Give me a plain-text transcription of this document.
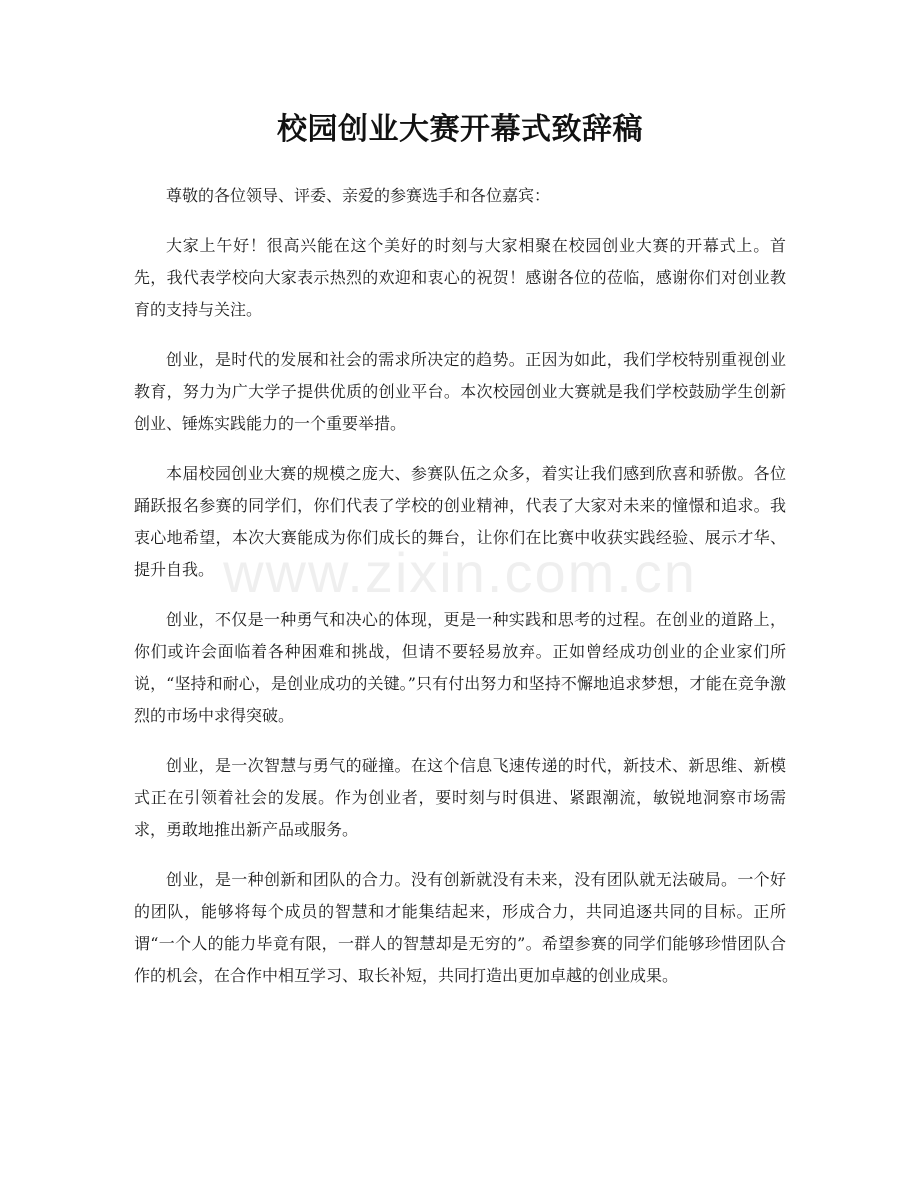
校园创业大赛开幕式致辞稿

尊敬的各位领导、评委、亲爱的参赛选手和各位嘉宾：

大家上午好！很高兴能在这个美好的时刻与大家相聚在校园创业大赛的开幕式上。首先，我代表学校向大家表示热烈的欢迎和衷心的祝贺！感谢各位的莅临，感谢你们对创业教育的支持与关注。

创业，是时代的发展和社会的需求所决定的趋势。正因为如此，我们学校特别重视创业教育，努力为广大学子提供优质的创业平台。本次校园创业大赛就是我们学校鼓励学生创新创业、锤炼实践能力的一个重要举措。

本届校园创业大赛的规模之庞大、参赛队伍之众多，着实让我们感到欣喜和骄傲。各位踊跃报名参赛的同学们，你们代表了学校的创业精神，代表了大家对未来的憧憬和追求。我衷心地希望，本次大赛能成为你们成长的舞台，让你们在比赛中收获实践经验、展示才华、提升自我。

创业，不仅是一种勇气和决心的体现，更是一种实践和思考的过程。在创业的道路上，你们或许会面临着各种困难和挑战，但请不要轻易放弃。正如曾经成功创业的企业家们所说，“坚持和耐心，是创业成功的关键。”只有付出努力和坚持不懈地追求梦想，才能在竞争激烈的市场中求得突破。

创业，是一次智慧与勇气的碰撞。在这个信息飞速传递的时代，新技术、新思维、新模式正在引领着社会的发展。作为创业者，要时刻与时俱进、紧跟潮流，敏锐地洞察市场需求，勇敢地推出新产品或服务。

创业，是一种创新和团队的合力。没有创新就没有未来，没有团队就无法破局。一个好的团队，能够将每个成员的智慧和才能集结起来，形成合力，共同追逐共同的目标。正所谓“一个人的能力毕竟有限，一群人的智慧却是无穷的”。希望参赛的同学们能够珍惜团队合作的机会，在合作中相互学习、取长补短，共同打造出更加卓越的创业成果。

www.zixin.com.cn
